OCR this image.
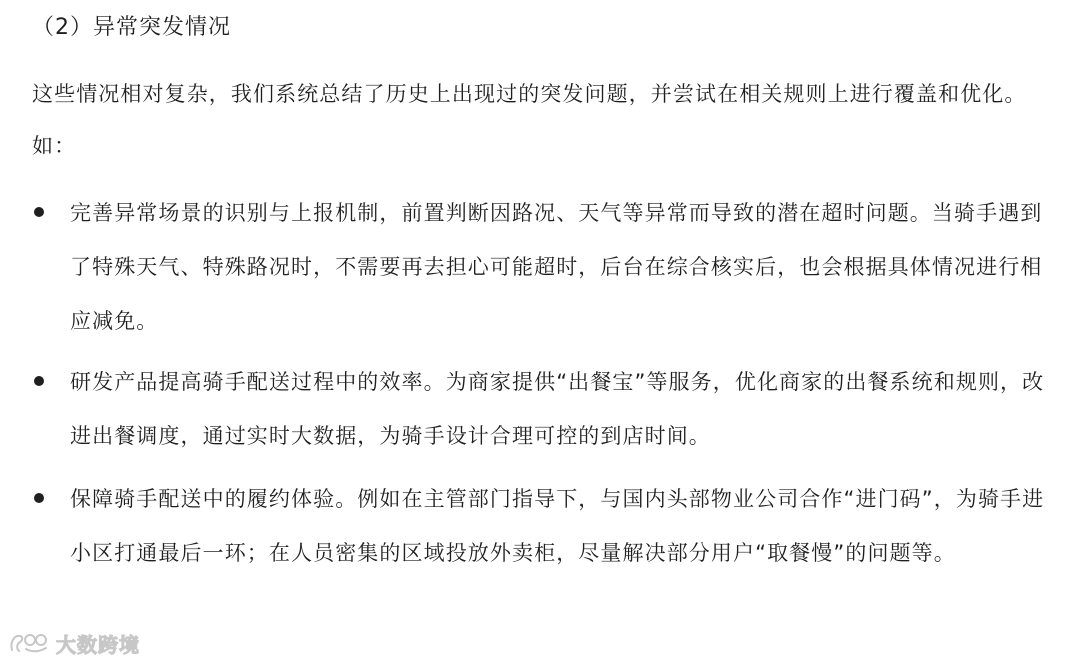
（2）异常突发情况

这些情况相对复杂，我们系统总结了历史上出现过的突发问题，并尝试在相关规则上进行覆盖和优化。如：

完善异常场景的识别与上报机制，前置判断因路况、天气等异常而导致的潜在超时问题。当骑手遇到了特殊天气、特殊路况时，不需要再去担心可能超时，后台在综合核实后，也会根据具体情况进行相应减免。

研发产品提高骑手配送过程中的效率。为商家提供“出餐宝”等服务，优化商家的出餐系统和规则，改进出餐调度，通过实时大数据，为骑手设计合理可控的到店时间。

保障骑手配送中的履约体验。例如在主管部门指导下，与国内头部物业公司合作“进门码”，为骑手进小区打通最后一环；在人员密集的区域投放外卖柜，尽量解决部分用户“取餐慢”的问题等。

大数跨境
